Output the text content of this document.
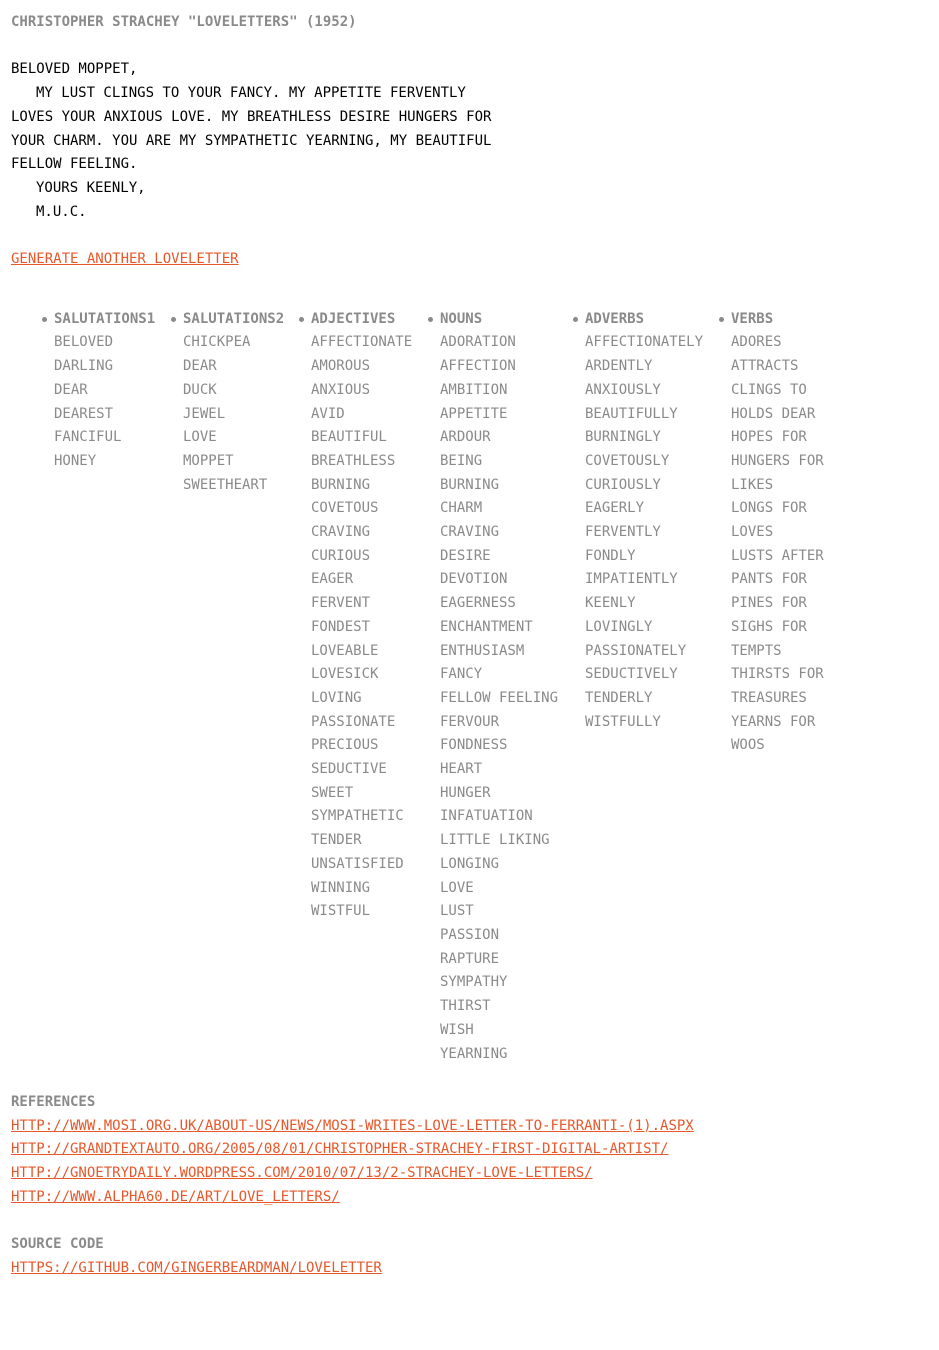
CHRISTOPHER STRACHEY "LOVELETTERS" (1952)
BELOVED MOPPET,
MY LUST CLINGS TO YOUR FANCY. MY APPETITE FERVENTLY LOVES YOUR ANXIOUS LOVE. MY BREATHLESS DESIRE HUNGERS FOR YOUR CHARM. YOU ARE MY SYMPATHETIC YEARNING, MY BEAUTIFUL FELLOW FEELING.
YOURS KEENLY,
M.U.C.
GENERATE ANOTHER LOVELETTER
SALUTATIONS1
BELOVED
DARLING
DEAR
DEAREST
FANCIFUL
HONEY
SALUTATIONS2
CHICKPEA
DEAR
DUCK
JEWEL
LOVE
MOPPET
SWEETHEART
ADJECTIVES
AFFECTIONATE
AMOROUS
ANXIOUS
AVID
BEAUTIFUL
BREATHLESS
BURNING
COVETOUS
CRAVING
CURIOUS
EAGER
FERVENT
FONDEST
LOVEABLE
LOVESICK
LOVING
PASSIONATE
PRECIOUS
SEDUCTIVE
SWEET
SYMPATHETIC
TENDER
UNSATISFIED
WINNING
WISTFUL
NOUNS
ADORATION
AFFECTION
AMBITION
APPETITE
ARDOUR
BEING
BURNING
CHARM
CRAVING
DESIRE
DEVOTION
EAGERNESS
ENCHANTMENT
ENTHUSIASM
FANCY
FELLOW FEELING
FERVOUR
FONDNESS
HEART
HUNGER
INFATUATION
LITTLE LIKING
LONGING
LOVE
LUST
PASSION
RAPTURE
SYMPATHY
THIRST
WISH
YEARNING
ADVERBS
AFFECTIONATELY
ARDENTLY
ANXIOUSLY
BEAUTIFULLY
BURNINGLY
COVETOUSLY
CURIOUSLY
EAGERLY
FERVENTLY
FONDLY
IMPATIENTLY
KEENLY
LOVINGLY
PASSIONATELY
SEDUCTIVELY
TENDERLY
WISTFULLY
VERBS
ADORES
ATTRACTS
CLINGS TO
HOLDS DEAR
HOPES FOR
HUNGERS FOR
LIKES
LONGS FOR
LOVES
LUSTS AFTER
PANTS FOR
PINES FOR
SIGHS FOR
TEMPTS
THIRSTS FOR
TREASURES
YEARNS FOR
WOOS
REFERENCES
HTTP://WWW.MOSI.ORG.UK/ABOUT-US/NEWS/MOSI-WRITES-LOVE-LETTER-TO-FERRANTI-(1).ASPX
HTTP://GRANDTEXTAUTO.ORG/2005/08/01/CHRISTOPHER-STRACHEY-FIRST-DIGITAL-ARTIST/
HTTP://GNOETRYDAILY.WORDPRESS.COM/2010/07/13/2-STRACHEY-LOVE-LETTERS/
HTTP://WWW.ALPHA60.DE/ART/LOVE_LETTERS/
SOURCE CODE
HTTPS://GITHUB.COM/GINGERBEARDMAN/LOVELETTER
